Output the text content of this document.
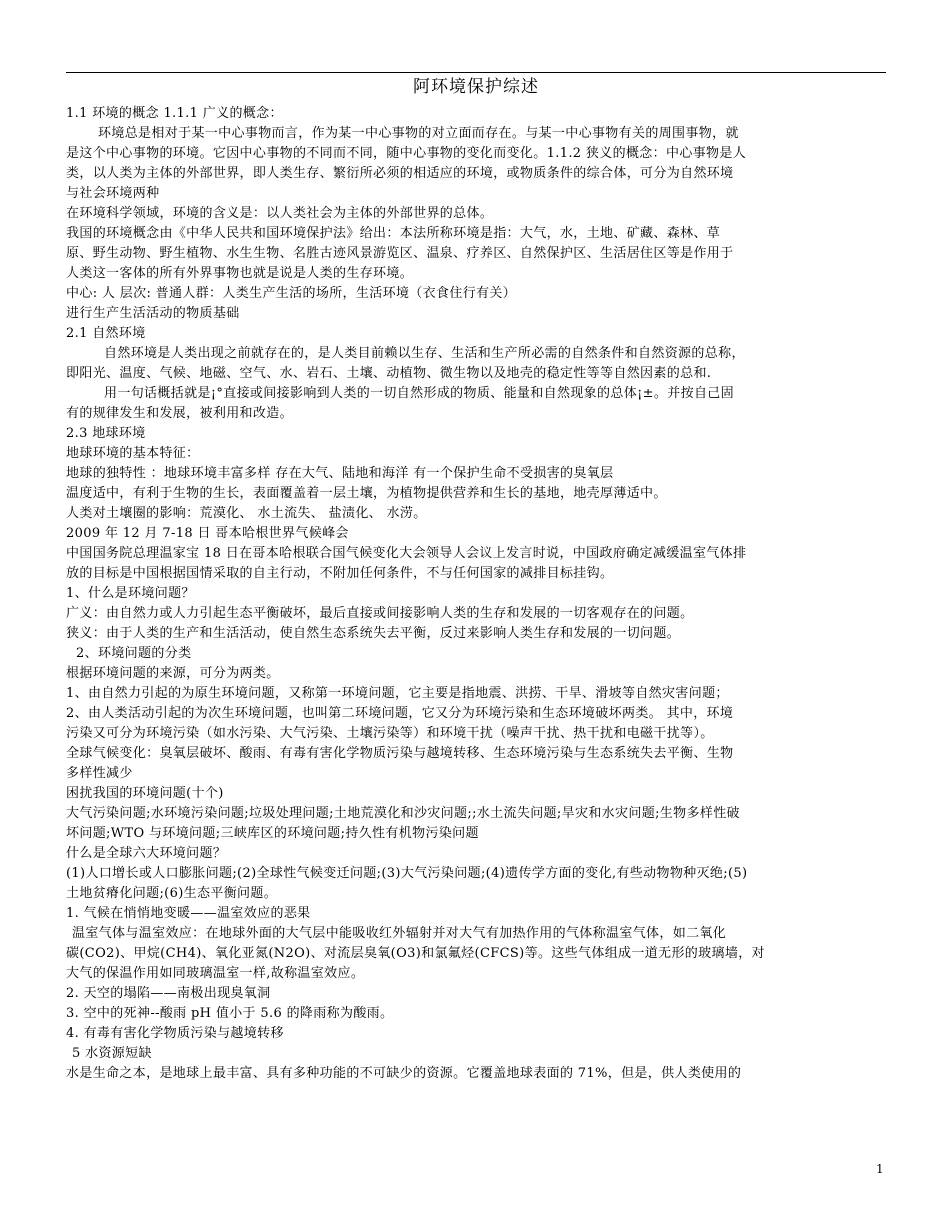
阿环境保护综述

1.1 环境的概念 1.1.1 广义的概念：

环境总是相对于某一中心事物而言，作为某一中心事物的对立面而存在。与某一中心事物有关的周围事物，就

是这个中心事物的环境。它因中心事物的不同而不同，随中心事物的变化而变化。1.1.2 狭义的概念：中心事物是人

类，以人类为主体的外部世界，即人类生存、繁衍所必须的相适应的环境，或物质条件的综合体，可分为自然环境

与社会环境两种

在环境科学领域，环境的含义是：以人类社会为主体的外部世界的总体。

我国的环境概念由《中华人民共和国环境保护法》给出：本法所称环境是指：大气，水，土地、矿藏、森林、草

原、野生动物、野生植物、水生生物、名胜古迹风景游览区、温泉、疗养区、自然保护区、生活居住区等是作用于

人类这一客体的所有外界事物也就是说是人类的生存环境。

中心: 人 层次: 普通人群：人类生产生活的场所，生活环境（衣食住行有关）

进行生产生活活动的物质基础

2.1 自然环境

自然环境是人类出现之前就存在的，是人类目前赖以生存、生活和生产所必需的自然条件和自然资源的总称，

即阳光、温度、气候、地磁、空气、水、岩石、土壤、动植物、微生物以及地壳的稳定性等等自然因素的总和.

用一句话概括就是¡°直接或间接影响到人类的一切自然形成的物质、能量和自然现象的总体¡±。并按自己固

有的规律发生和发展，被利用和改造。

2.3 地球环境

地球环境的基本特征：

地球的独特性 ：地球环境丰富多样 存在大气、陆地和海洋 有一个保护生命不受损害的臭氧层

温度适中，有利于生物的生长，表面覆盖着一层土壤，为植物提供营养和生长的基地，地壳厚薄适中。

人类对土壤圈的影响：荒漠化、 水土流失、 盐渍化、 水涝。

2009 年 12 月 7-18 日 哥本哈根世界气候峰会

中国国务院总理温家宝 18 日在哥本哈根联合国气候变化大会领导人会议上发言时说，中国政府确定减缓温室气体排

放的目标是中国根据国情采取的自主行动，不附加任何条件，不与任何国家的减排目标挂钩。

1、什么是环境问题？

广义：由自然力或人力引起生态平衡破坏，最后直接或间接影响人类的生存和发展的一切客观存在的问题。

狭义：由于人类的生产和生活活动，使自然生态系统失去平衡，反过来影响人类生存和发展的一切问题。

2、环境问题的分类

根据环境问题的来源，可分为两类。

1、由自然力引起的为原生环境问题，又称第一环境问题，它主要是指地震、洪捞、干旱、滑坡等自然灾害问题；

2、由人类活动引起的为次生环境问题，也叫第二环境问题，它又分为环境污染和生态环境破坏两类。 其中，环境

污染又可分为环境污染（如水污染、大气污染、土壤污染等）和环境干扰（噪声干扰、热干扰和电磁干扰等）。

全球气候变化：臭氧层破坏、酸雨、有毒有害化学物质污染与越境转移、生态环境污染与生态系统失去平衡、生物

多样性减少

困扰我国的环境问题(十个)

大气污染问题;水环境污染问题;垃圾处理问题;土地荒漠化和沙灾问题;;水土流失问题;旱灾和水灾问题;生物多样性破

坏问题;WTO 与环境问题;三峡库区的环境问题;持久性有机物污染问题

什么是全球六大环境问题？

(1)人口增长或人口膨胀问题;(2)全球性气候变迁问题;(3)大气污染问题;(4)遗传学方面的变化,有些动物物种灭绝;(5)

土地贫瘠化问题;(6)生态平衡问题。

1. 气候在悄悄地变暖——温室效应的恶果

温室气体与温室效应：在地球外面的大气层中能吸收红外辐射并对大气有加热作用的气体称温室气体，如二氧化

碳(CO2)、甲烷(CH4)、氧化亚氮(N2O)、对流层臭氧(O3)和氯氟烃(CFCS)等。这些气体组成一道无形的玻璃墙，对

大气的保温作用如同玻璃温室一样,故称温室效应。

2. 天空的塌陷——南极出现臭氧洞

3. 空中的死神--酸雨 pH 值小于 5.6 的降雨称为酸雨。

4. 有毒有害化学物质污染与越境转移

5 水资源短缺

水是生命之本，是地球上最丰富、具有多种功能的不可缺少的资源。它覆盖地球表面的 71%，但是，供人类使用的

1
